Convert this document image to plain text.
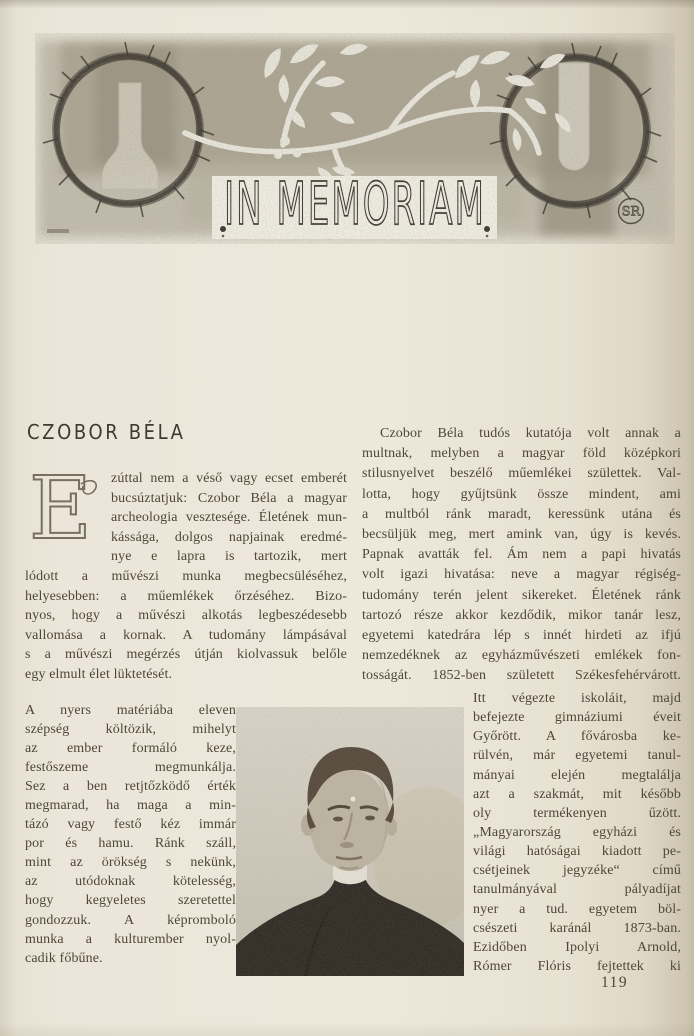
CZOBOR BÉLA
E zúttal nem a véső vagy ecset emberét
bucsúztatjuk: Czobor Béla a magyar
archeologia vesztesége. Életének mun-
kássága, dolgos napjainak eredmé-
nye e lapra is tartozik, mert
lódott a művészi munka megbecsüléséhez,
helyesebben: a műemlékek őrzéséhez. Bizo-
nyos, hogy a művészi alkotás legbeszédesebb
vallomása a kornak. A tudomány lámpásával
s a művészi megérzés útján kiolvassuk belőle
egy elmult élet lüktetését.
A nyers matériába eleven
szépség költözik, mihelyt
az ember formáló keze,
festőszeme megmunkálja.
Sez a ben retjtőzködő érték
megmarad, ha maga a min-
tázó vagy festő kéz immár
por és hamu. Ránk száll,
mint az örökség s nekünk,
az utódoknak kötelesség,
hogy kegyeletes szeretettel
gondozzuk. A képromboló
munka a kulturember nyol-
cadik főbűne.
Czobor Béla tudós kutatója volt annak a
multnak, melyben a magyar föld középkori
stilusnyelvet beszélő műemlékei születtek. Val-
lotta, hogy gyűjtsünk össze mindent, ami
a multból ránk maradt, keressünk utána és
becsüljük meg, mert amink van, úgy is kevés.
Papnak avatták fel. Ám nem a papi hivatás
volt igazi hivatása: neve a magyar régiség-
tudomány terén jelent sikereket. Életének ránk
tartozó része akkor kezdődik, mikor tanár lesz,
egyetemi katedrára lép s innét hirdeti az ifjú
nemzedéknek az egyházművészeti emlékek fon-
tosságát. 1852-ben született Székesfehérvárott.
Itt végezte iskoláit, majd
befejezte gimnáziumi éveit
Győrött. A fővárosba ke-
rülvén, már egyetemi tanul-
mányai elején megtalálja
azt a szakmát, mit később
oly termékenyen űzött.
„Magyarország egyházi és
világi hatóságai kiadott pe-
csétjeinek jegyzéke“ című
tanulmányával pályadíjat
nyer a tud. egyetem böl-
csészeti karánál 1873-ban.
Ezidőben Ipolyi Arnold,
Rómer Flóris fejtettek ki
119
